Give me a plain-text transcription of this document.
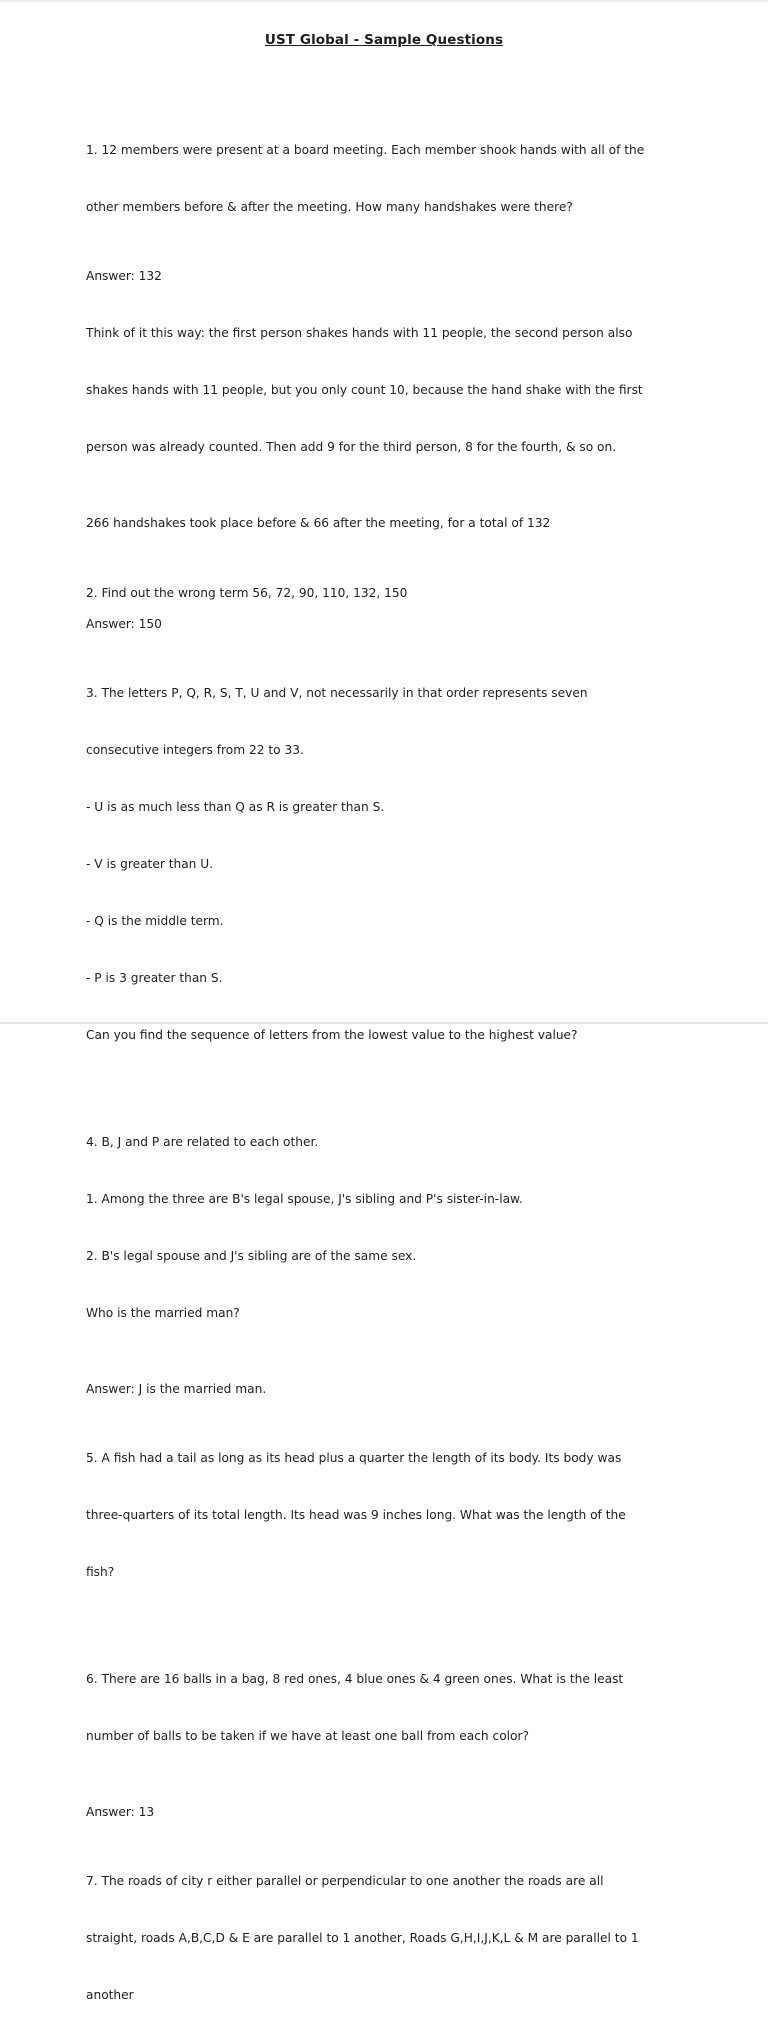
UST Global - Sample Questions

1. 12 members were present at a board meeting. Each member shook hands with all of the

other members before & after the meeting. How many handshakes were there?

Answer: 132

Think of it this way: the first person shakes hands with 11 people, the second person also

shakes hands with 11 people, but you only count 10, because the hand shake with the first

person was already counted. Then add 9 for the third person, 8 for the fourth, & so on.

266 handshakes took place before & 66 after the meeting, for a total of 132

2. Find out the wrong term 56, 72, 90, 110, 132, 150

Answer: 150

3. The letters P, Q, R, S, T, U and V, not necessarily in that order represents seven

consecutive integers from 22 to 33.

- U is as much less than Q as R is greater than S.

- V is greater than U.

- Q is the middle term.

- P is 3 greater than S.

Can you find the sequence of letters from the lowest value to the highest value?

4. B, J and P are related to each other.

1. Among the three are B's legal spouse, J's sibling and P's sister-in-law.

2. B's legal spouse and J's sibling are of the same sex.

Who is the married man?

Answer: J is the married man.

5. A fish had a tail as long as its head plus a quarter the length of its body. Its body was

three-quarters of its total length. Its head was 9 inches long. What was the length of the

fish?

6. There are 16 balls in a bag, 8 red ones, 4 blue ones & 4 green ones. What is the least

number of balls to be taken if we have at least one ball from each color?

Answer: 13

7. The roads of city r either parallel or perpendicular to one another the roads are all

straight, roads A,B,C,D & E are parallel to 1 another, Roads G,H,I,J,K,L & M are parallel to 1

another
